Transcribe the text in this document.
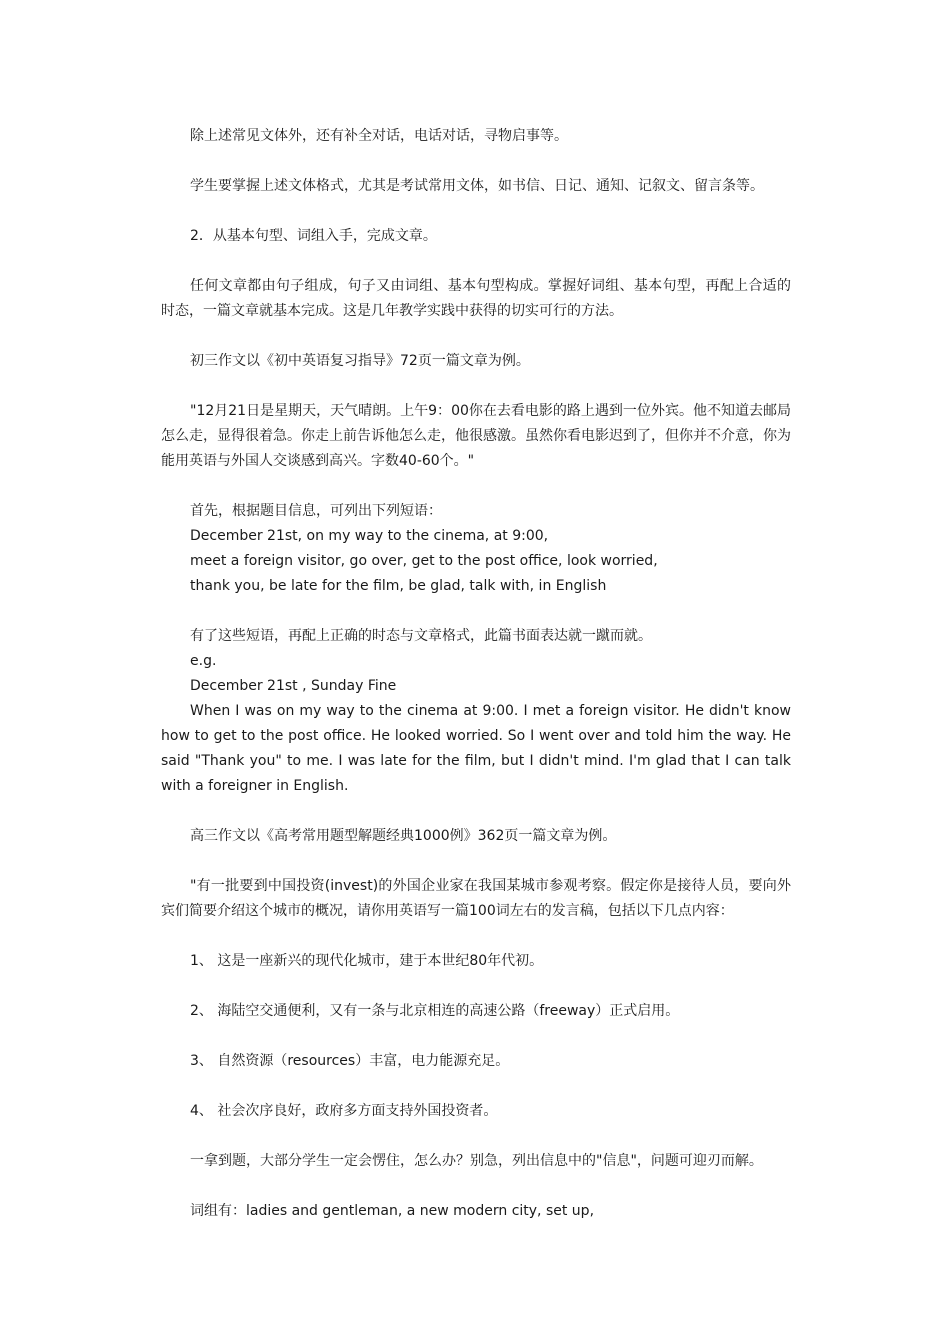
除上述常见文体外，还有补全对话，电话对话，寻物启事等。

学生要掌握上述文体格式，尤其是考试常用文体，如书信、日记、通知、记叙文、留言条等。

2．从基本句型、词组入手，完成文章。

任何文章都由句子组成，句子又由词组、基本句型构成。掌握好词组、基本句型，再配上合适的时态，一篇文章就基本完成。这是几年教学实践中获得的切实可行的方法。

初三作文以《初中英语复习指导》72页一篇文章为例。

"12月21日是星期天，天气晴朗。上午9：00你在去看电影的路上遇到一位外宾。他不知道去邮局怎么走，显得很着急。你走上前告诉他怎么走，他很感激。虽然你看电影迟到了，但你并不介意，你为能用英语与外国人交谈感到高兴。字数40-60个。"

首先，根据题目信息，可列出下列短语：

December 21st, on my way to the cinema, at 9:00,

meet a foreign visitor, go over, get to the post office, look worried,

thank you, be late for the film, be glad, talk with, in English

有了这些短语，再配上正确的时态与文章格式，此篇书面表达就一蹴而就。

e.g.

December 21st , Sunday Fine

When I was on my way to the cinema at 9:00. I met a foreign visitor. He didn't know how to get to the post office. He looked worried. So I went over and told him the way. He said "Thank you" to me. I was late for the film, but I didn't mind. I'm glad that I can talk with a foreigner in English.

高三作文以《高考常用题型解题经典1000例》362页一篇文章为例。

"有一批要到中国投资(invest)的外国企业家在我国某城市参观考察。假定你是接待人员，要向外宾们简要介绍这个城市的概况，请你用英语写一篇100词左右的发言稿，包括以下几点内容：

1、 这是一座新兴的现代化城市，建于本世纪80年代初。

2、 海陆空交通便利，又有一条与北京相连的高速公路（freeway）正式启用。

3、 自然资源（resources）丰富，电力能源充足。

4、 社会次序良好，政府多方面支持外国投资者。

一拿到题，大部分学生一定会愣住，怎么办？别急，列出信息中的"信息"，问题可迎刃而解。

词组有：ladies and gentleman, a new modern city, set up,
